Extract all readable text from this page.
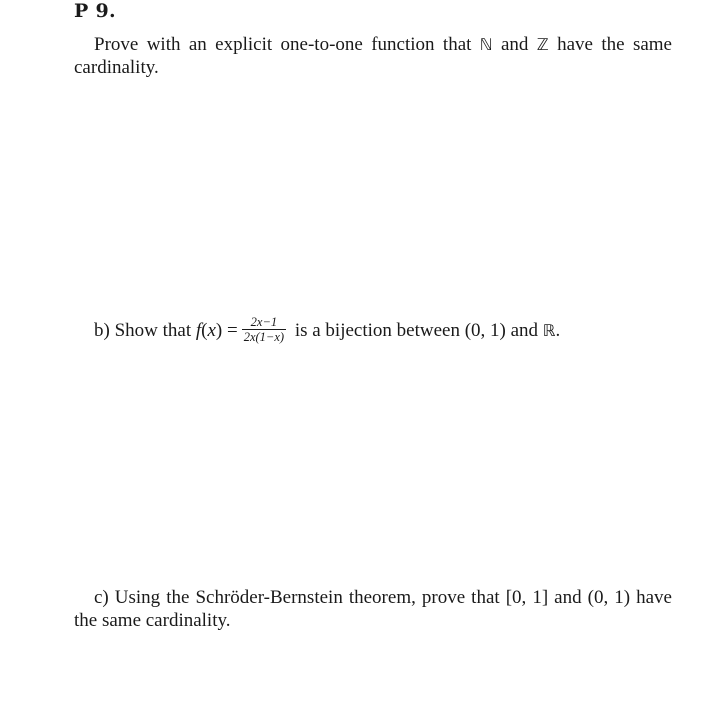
P 9.
Prove with an explicit one-to-one function that ℕ and ℤ have the same cardinality.
b) Show that $f(x) = \frac{2x-1}{2x(1-x)}$ is a bijection between (0, 1) and ℝ.
c) Using the Schröder-Bernstein theorem, prove that [0, 1] and (0, 1) have the same cardinality.
